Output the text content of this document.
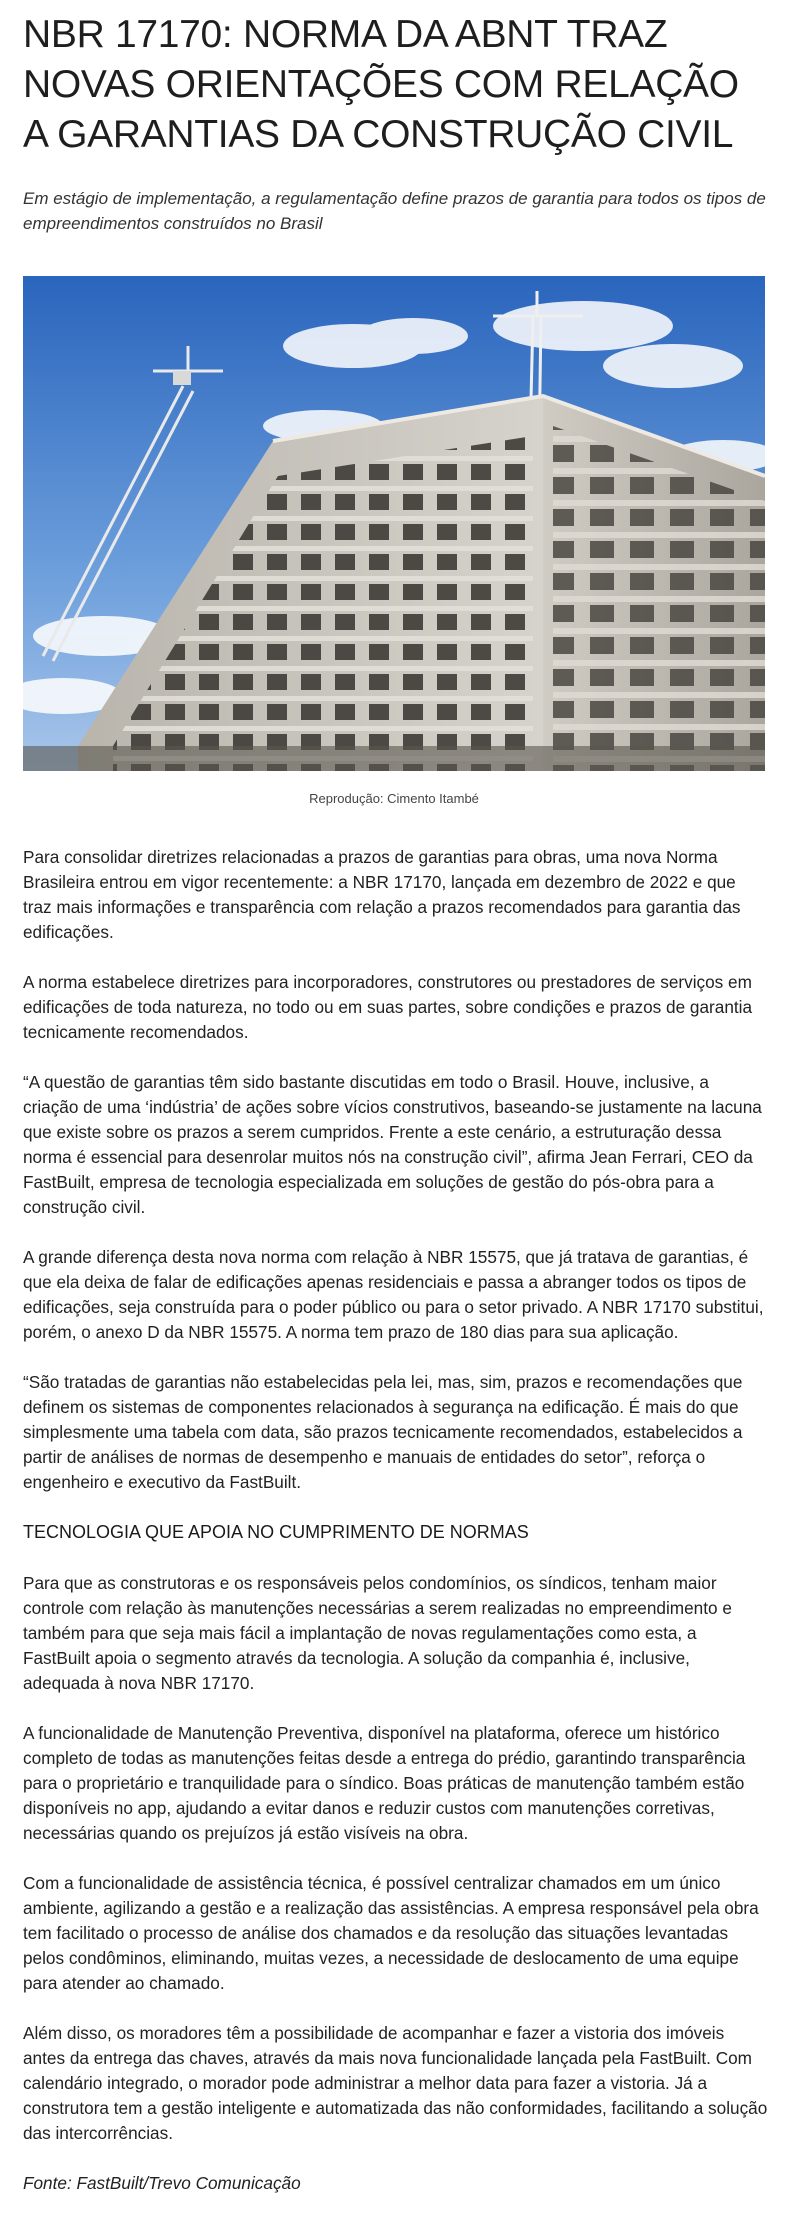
NBR 17170: NORMA DA ABNT TRAZ NOVAS ORIENTAÇÕES COM RELAÇÃO A GARANTIAS DA CONSTRUÇÃO CIVIL

Em estágio de implementação, a regulamentação define prazos de garantia para todos os tipos de empreendimentos construídos no Brasil

Reprodução: Cimento Itambé

Para consolidar diretrizes relacionadas a prazos de garantias para obras, uma nova Norma Brasileira entrou em vigor recentemente: a NBR 17170, lançada em dezembro de 2022 e que traz mais informações e transparência com relação a prazos recomendados para garantia das edificações.

A norma estabelece diretrizes para incorporadores, construtores ou prestadores de serviços em edificações de toda natureza, no todo ou em suas partes, sobre condições e prazos de garantia tecnicamente recomendados.

“A questão de garantias têm sido bastante discutidas em todo o Brasil. Houve, inclusive, a criação de uma ‘indústria’ de ações sobre vícios construtivos, baseando-se justamente na lacuna que existe sobre os prazos a serem cumpridos. Frente a este cenário, a estruturação dessa norma é essencial para desenrolar muitos nós na construção civil”, afirma Jean Ferrari, CEO da FastBuilt, empresa de tecnologia especializada em soluções de gestão do pós-obra para a construção civil.

A grande diferença desta nova norma com relação à NBR 15575, que já tratava de garantias, é que ela deixa de falar de edificações apenas residenciais e passa a abranger todos os tipos de edificações, seja construída para o poder público ou para o setor privado. A NBR 17170 substitui, porém, o anexo D da NBR 15575. A norma tem prazo de 180 dias para sua aplicação.

“São tratadas de garantias não estabelecidas pela lei, mas, sim, prazos e recomendações que definem os sistemas de componentes relacionados à segurança na edificação. É mais do que simplesmente uma tabela com data, são prazos tecnicamente recomendados, estabelecidos a partir de análises de normas de desempenho e manuais de entidades do setor”, reforça o engenheiro e executivo da FastBuilt.

TECNOLOGIA QUE APOIA NO CUMPRIMENTO DE NORMAS

Para que as construtoras e os responsáveis pelos condomínios, os síndicos, tenham maior controle com relação às manutenções necessárias a serem realizadas no empreendimento e também para que seja mais fácil a implantação de novas regulamentações como esta, a FastBuilt apoia o segmento através da tecnologia. A solução da companhia é, inclusive, adequada à nova NBR 17170.

A funcionalidade de Manutenção Preventiva, disponível na plataforma, oferece um histórico completo de todas as manutenções feitas desde a entrega do prédio, garantindo transparência para o proprietário e tranquilidade para o síndico. Boas práticas de manutenção também estão disponíveis no app, ajudando a evitar danos e reduzir custos com manutenções corretivas, necessárias quando os prejuízos já estão visíveis na obra.

Com a funcionalidade de assistência técnica, é possível centralizar chamados em um único ambiente, agilizando a gestão e a realização das assistências. A empresa responsável pela obra tem facilitado o processo de análise dos chamados e da resolução das situações levantadas pelos condôminos, eliminando, muitas vezes, a necessidade de deslocamento de uma equipe para atender ao chamado.

Além disso, os moradores têm a possibilidade de acompanhar e fazer a vistoria dos imóveis antes da entrega das chaves, através da mais nova funcionalidade lançada pela FastBuilt. Com calendário integrado, o morador pode administrar a melhor data para fazer a vistoria. Já a construtora tem a gestão inteligente e automatizada das não conformidades, facilitando a solução das intercorrências.

Fonte: FastBuilt/Trevo Comunicação
